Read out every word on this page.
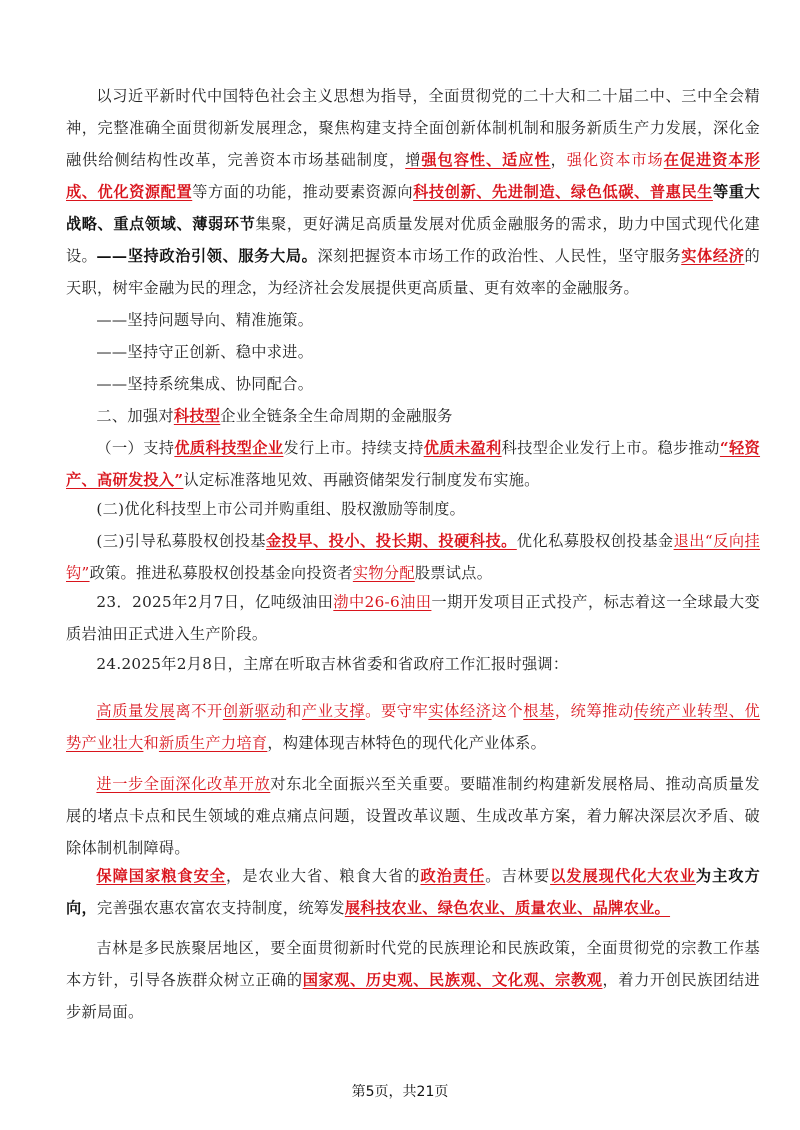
以习近平新时代中国特色社会主义思想为指导，全面贯彻党的二十大和二十届二中、三中全会精神，完整准确全面贯彻新发展理念，聚焦构建支持全面创新体制机制和服务新质生产力发展，深化金融供给侧结构性改革，完善资本市场基础制度，增强包容性、适应性，强化资本市场在促进资本形成、优化资源配置等方面的功能，推动要素资源向科技创新、先进制造、绿色低碳、普惠民生等重大战略、重点领域、薄弱环节集聚，更好满足高质量发展对优质金融服务的需求，助力中国式现代化建设。 ——坚持政治引领、服务大局。深刻把握资本市场工作的政治性、人民性，坚守服务实体经济的天职，树牢金融为民的理念，为经济社会发展提供更高质量、更有效率的金融服务。

——坚持问题导向、精准施策。

——坚持守正创新、稳中求进。

——坚持系统集成、协同配合。

二、加强对科技型企业全链条全生命周期的金融服务

（一）支持优质科技型企业发行上市。持续支持优质未盈利科技型企业发行上市。稳步推动“轻资产、高研发投入”认定标准落地见效、再融资储架发行制度发布实施。

(二)优化科技型上市公司并购重组、股权激励等制度。

(三)引导私募股权创投基金投早、投小、投长期、投硬科技。优化私募股权创投基金退出“反向挂钩”政策。推进私募股权创投基金向投资者实物分配股票试点。

23．2025年2月7日，亿吨级油田渤中26-6油田一期开发项目正式投产，标志着这一全球最大变质岩油田正式进入生产阶段。

24.2025年2月8日，主席在听取吉林省委和省政府工作汇报时强调：

高质量发展离不开创新驱动和产业支撑。要守牢实体经济这个根基，统筹推动传统产业转型、优势产业壮大和新质生产力培育，构建体现吉林特色的现代化产业体系。

进一步全面深化改革开放对东北全面振兴至关重要。要瞄准制约构建新发展格局、推动高质量发展的堵点卡点和民生领域的难点痛点问题，设置改革议题、生成改革方案，着力解决深层次矛盾、破除体制机制障碍。

保障国家粮食安全，是农业大省、粮食大省的政治责任。吉林要以发展现代化大农业为主攻方向，完善强农惠农富农支持制度，统筹发展科技农业、绿色农业、质量农业、品牌农业。

吉林是多民族聚居地区，要全面贯彻新时代党的民族理论和民族政策，全面贯彻党的宗教工作基本方针，引导各族群众树立正确的国家观、历史观、民族观、文化观、宗教观，着力开创民族团结进步新局面。

第5页，共21页
